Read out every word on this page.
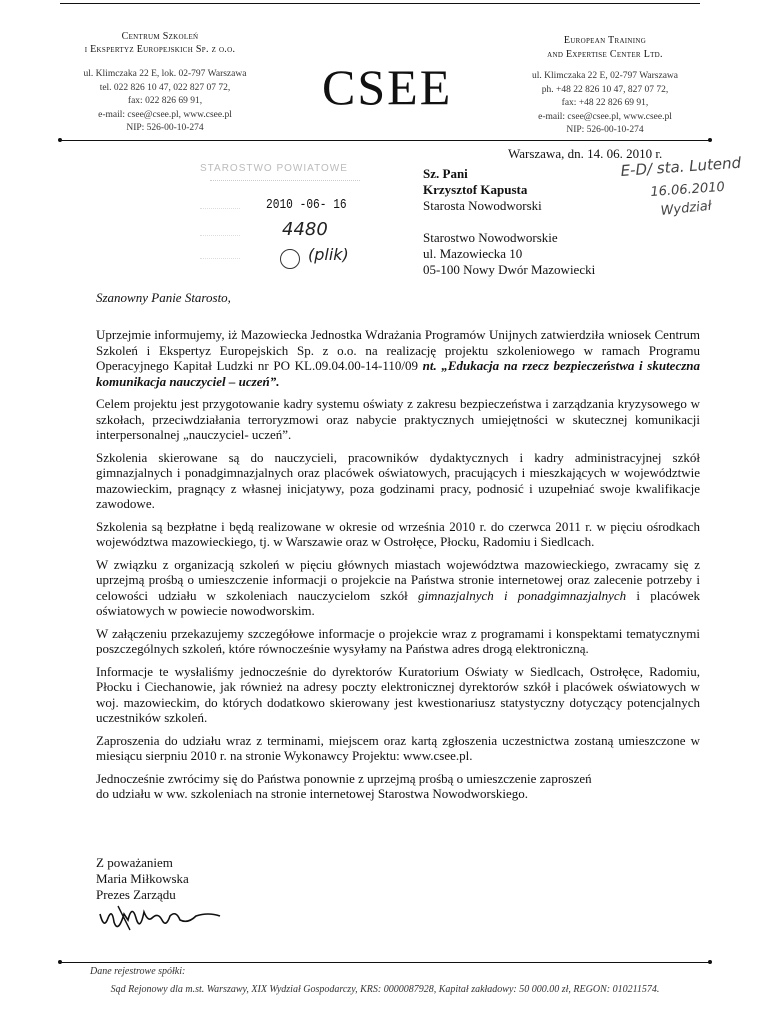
Centrum Szkoleń
i Ekspertyz Europejskich Sp. z o.o.
ul. Klimczaka 22 E, lok. 02-797 Warszawa
tel. 022 826 10 47, 022 827 07 72,
fax: 022 826 69 91,
e-mail: csee@csee.pl, www.csee.pl
NIP: 526-00-10-274
CSEE
European Training
and Expertise Center Ltd.
ul. Klimczaka 22 E, 02-797 Warszawa
ph. +48 22 826 10 47, 827 07 72,
fax: +48 22 826 69 91,
e-mail: csee@csee.pl, www.csee.pl
NIP: 526-00-10-274
Warszawa, dn. 14. 06. 2010 r.
STAROSTWO POWIATOWE
2010 -06- 16
4480
(plik)
Sz. Pani
Krzysztof Kapusta
Starosta Nowodworski
Starostwo Nowodworskie
ul. Mazowiecka 10
05-100 Nowy Dwór Mazowiecki
E-D/ sta. Lutend
16.06.2010
Wydział
Szanowny Panie Starosto,

Uprzejmie informujemy, iż Mazowiecka Jednostka Wdrażania Programów Unijnych zatwierdziła wniosek Centrum Szkoleń i Ekspertyz Europejskich Sp. z o.o. na realizację projektu szkoleniowego w ramach Programu Operacyjnego Kapitał Ludzki nr PO KL.09.04.00-14-110/09 nt. „Edukacja na rzecz bezpieczeństwa i skuteczna komunikacja nauczyciel – uczeń”.

Celem projektu jest przygotowanie kadry systemu oświaty z zakresu bezpieczeństwa i zarządzania kryzysowego w szkołach, przeciwdziałania terroryzmowi oraz nabycie praktycznych umiejętności w skutecznej komunikacji interpersonalnej „nauczyciel- uczeń”.

Szkolenia skierowane są do nauczycieli, pracowników dydaktycznych i kadry administracyjnej szkół gimnazjalnych i ponadgimnazjalnych oraz placówek oświatowych, pracujących i mieszkających w województwie mazowieckim, pragnący z własnej inicjatywy, poza godzinami pracy, podnosić i uzupełniać swoje kwalifikacje zawodowe.

Szkolenia są bezpłatne i będą realizowane w okresie od września 2010 r. do czerwca 2011 r. w pięciu ośrodkach województwa mazowieckiego, tj. w Warszawie oraz w Ostrołęce, Płocku, Radomiu i Siedlcach.

W związku z organizacją szkoleń w pięciu głównych miastach województwa mazowieckiego, zwracamy się z uprzejmą prośbą o umieszczenie informacji o projekcie na Państwa stronie internetowej oraz zalecenie potrzeby i celowości udziału w szkoleniach nauczycielom szkół gimnazjalnych i ponadgimnazjalnych i placówek oświatowych w powiecie nowodworskim.

W załączeniu przekazujemy szczegółowe informacje o projekcie wraz z programami i konspektami tematycznymi poszczególnych szkoleń, które równocześnie wysyłamy na Państwa adres drogą elektroniczną.

Informacje te wysłaliśmy jednocześnie do dyrektorów Kuratorium Oświaty w Siedlcach, Ostrołęce, Radomiu, Płocku i Ciechanowie, jak również na adresy poczty elektronicznej dyrektorów szkół i placówek oświatowych w woj. mazowieckim, do których dodatkowo skierowany jest kwestionariusz statystyczny dotyczący potencjalnych uczestników szkoleń.

Zaproszenia do udziału wraz z terminami, miejscem oraz kartą zgłoszenia uczestnictwa zostaną umieszczone w miesiącu sierpniu 2010 r. na stronie Wykonawcy Projektu: www.csee.pl.

Jednocześnie zwrócimy się do Państwa ponownie z uprzejmą prośbą o umieszczenie zaproszeń
do udziału w ww. szkoleniach na stronie internetowej Starostwa Nowodworskiego.

Z poważaniem
Maria Miłkowska
Prezes Zarządu
Dane rejestrowe spółki:
Sąd Rejonowy dla m.st. Warszawy, XIX Wydział Gospodarczy, KRS: 0000087928, Kapitał zakładowy: 50 000.00 zł, REGON: 010211574.
